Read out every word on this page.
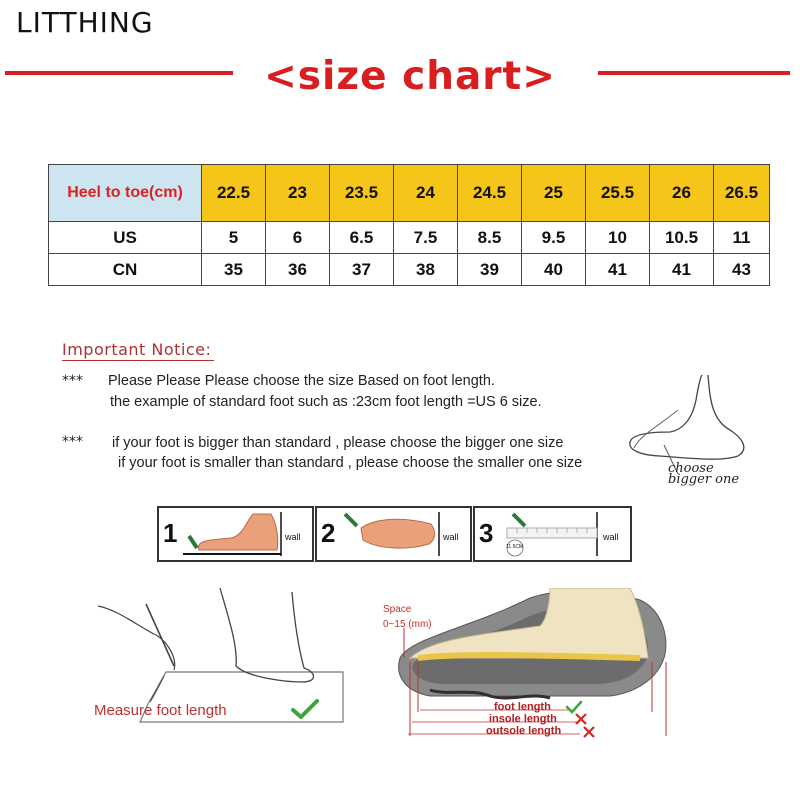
LITTHING
<size chart>
Heel to toe(cm)	22.5	23	23.5	24	24.5	25	25.5	26	26.5
US	5	6	6.5	7.5	8.5	9.5	10	10.5	11
CN	35	36	37	38	39	40	41	41	43
Important Notice:
*** Please Please Please choose the size Based on foot length.
the example of standard foot such as :23cm foot length =US 6 size.
*** if your foot is bigger than standard , please choose the bigger one size
if your foot is smaller than standard , please choose the smaller one size	choose bigger one
1	wall 2	wall 3	11.5CM
wall
Measure foot length
Space
0~15 (mm)
foot length
insole length
outsole length
